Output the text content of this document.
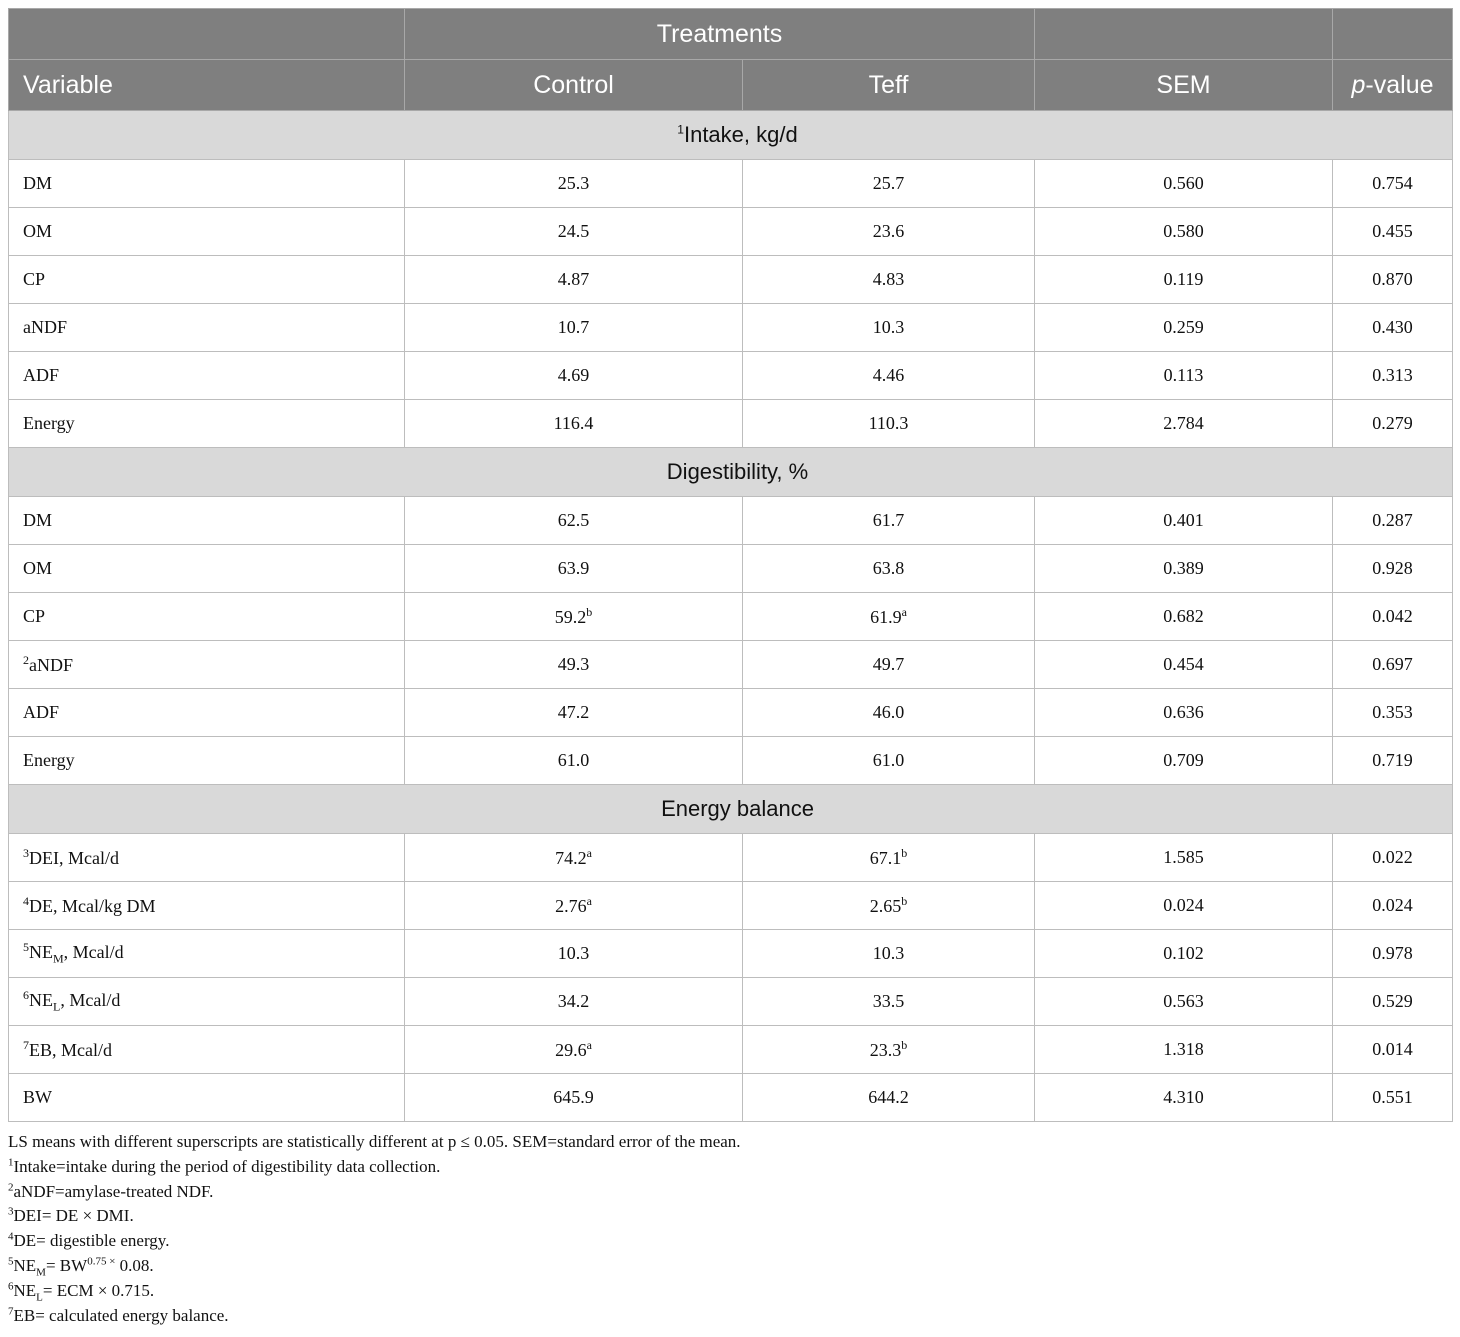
	Treatments			
Variable	Control	Teff	SEM	p-value
$^1$Intake, kg/d				
DM	25.3	25.7	0.560	0.754
OM	24.5	23.6	0.580	0.455
CP	4.87	4.83	0.119	0.870
aNDF	10.7	10.3	0.259	0.430
ADF	4.69	4.46	0.113	0.313
Energy	116.4	110.3	2.784	0.279
Digestibility, %				
DM	62.5	61.7	0.401	0.287
OM	63.9	63.8	0.389	0.928
CP	59.2$^b$	61.9$^a$	0.682	0.042
$^2$aNDF	49.3	49.7	0.454	0.697
ADF	47.2	46.0	0.636	0.353
Energy	61.0	61.0	0.709	0.719
Energy balance				
$^3$DEI, Mcal/d	74.2$^a$	67.1$^b$	1.585	0.022
$^4$DE, Mcal/kg DM	2.76$^a$	2.65$^b$	0.024	0.024
$^5NE_M$, Mcal/d	10.3	10.3	0.102	0.978
$^6NE_L$, Mcal/d	34.2	33.5	0.563	0.529
$^7$EB, Mcal/d	29.6$^a$	23.3$^b$	1.318	0.014
BW	645.9	644.2	4.310	0.551
LS means with different superscripts are statistically different at p ≤ 0.05. SEM=standard error of the mean.
$^1$Intake=intake during the period of digestibility data collection.
$^2$aNDF=amylase-treated NDF.
$^3$DEI= DE × DMI.
$^4$DE= digestible energy.
$^5NE_M= BW^{0.75 \times}$ 0.08.
$^6NE_L=$ ECM × 0.715.
$^7$EB= calculated energy balance.
